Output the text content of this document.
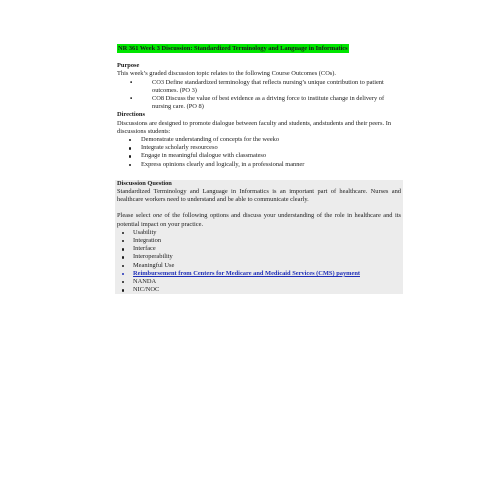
NR 361 Week 3 Discussion: Standardized Terminology and Language in Informatics
Purpose

This week’s graded discussion topic relates to the following Course Outcomes (COs).

▪	CO3 Define standardized terminology that reflects nursing’s unique contribution to patient outcomes. (PO 3)
▪	CO8 Discuss the value of best evidence as a driving force to institute change in delivery of nursing care. (PO 8)
Directions

Discussions are designed to promote dialogue between faculty and students, andstudents and their peers. In discussions students:

Demonstrate understanding of concepts for the weeko
Integrate scholarly resourceso
Engage in meaningful dialogue with classmateso
Express opinions clearly and logically, in a professional manner
Discussion Question

Standardized Terminology and Language in Informatics is an important part of healthcare. Nurses and healthcare workers need to understand and be able to communicate clearly.

Please select one of the following options and discuss your understanding of the role in healthcare and its potential impact on your practice.

Usability
Integration
Interface
Interoperability
Meaningful Use
Reimbursement from Centers for Medicare and Medicaid Services (CMS) payment
NANDA
NIC/NOC
